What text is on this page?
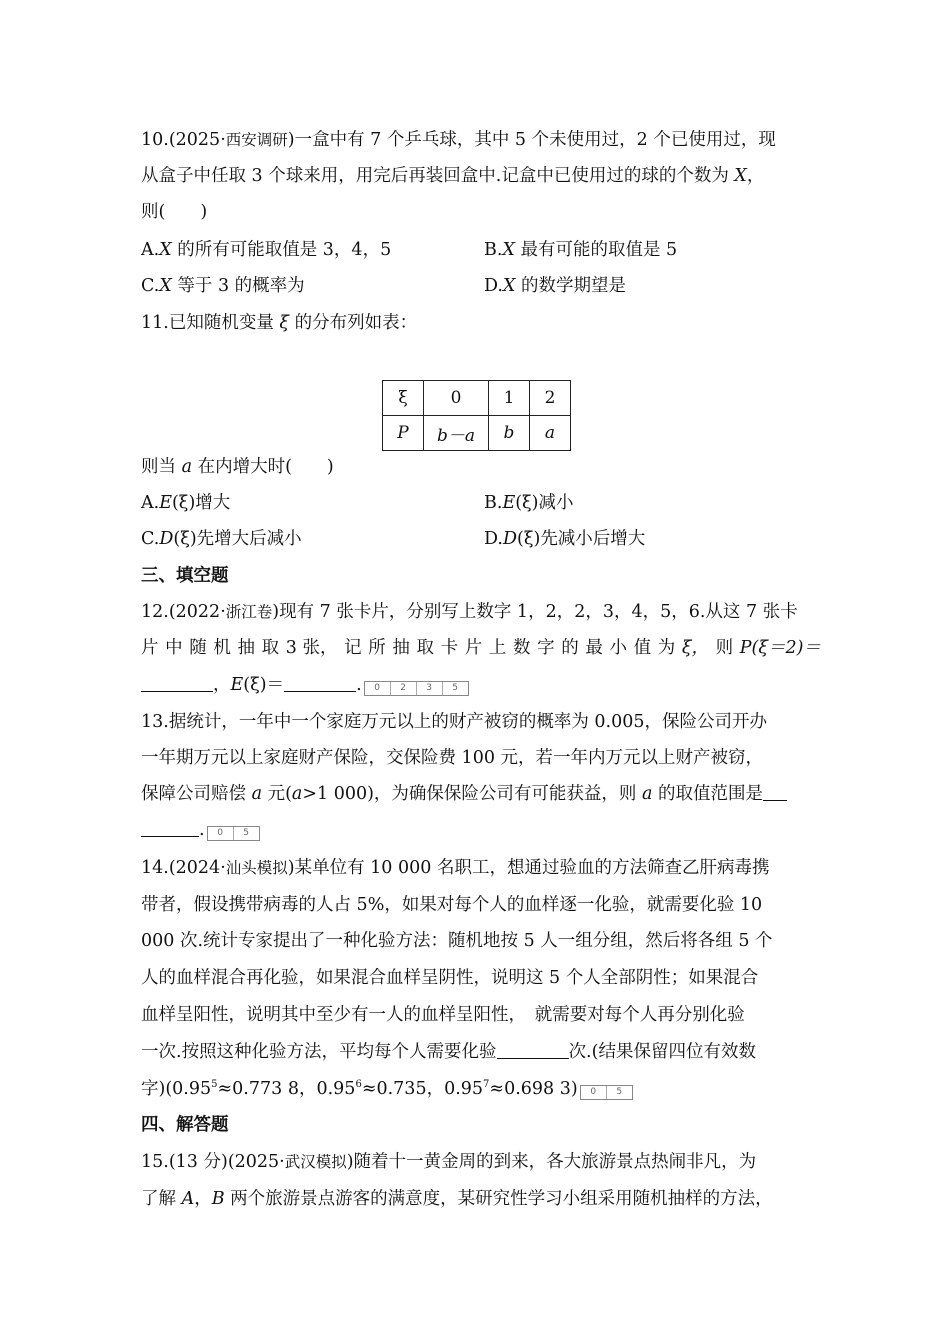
10.(2025·西安调研)一盒中有 7 个乒乓球，其中 5 个未使用过，2 个已使用过，现
从盒子中任取 3 个球来用，用完后再装回盒中.记盒中已使用过的球的个数为 X，
则(　　)
A.X 的所有可能取值是 3，4，5	B.X 最有可能的取值是 5
C.X 等于 3 的概率为	D.X 的数学期望是
11.已知随机变量 ξ 的分布列如表：
ξ	0	1	2
P	b－a	b	a
则当 a 在内增大时(　　)
A.E(ξ)增大	B.E(ξ)减小
C.D(ξ)先增大后减小	D.D(ξ)先减小后增大
三、填空题
12.(2022·浙江卷)现有 7 张卡片，分别写上数字 1，2，2，3，4，5，6.从这 7 张卡
片 中 随 机 抽 取 3 张， 记 所 抽 取 卡 片 上 数 字 的 最 小 值 为 ξ， 则 P(ξ＝2)＝
，E(ξ)＝	.	0	2	3	5
13.据统计，一年中一个家庭万元以上的财产被窃的概率为 0.005，保险公司开办
一年期万元以上家庭财产保险，交保险费 100 元，若一年内万元以上财产被窃，
保障公司赔偿 a 元(a>1 000)，为确保保险公司有可能获益，则 a 的取值范围是
.	0	5
14.(2024·汕头模拟)某单位有 10 000 名职工，想通过验血的方法筛查乙肝病毒携
带者，假设携带病毒的人占 5%，如果对每个人的血样逐一化验，就需要化验 10
000 次.统计专家提出了一种化验方法：随机地按 5 人一组分组，然后将各组 5 个
人的血样混合再化验，如果混合血样呈阴性，说明这 5 个人全部阴性；如果混合
血样呈阳性，说明其中至少有一人的血样呈阳性，　就需要对每个人再分别化验
一次.按照这种化验方法，平均每个人需要化验	次.(结果保留四位有效数
字)($0.95^5\approx 0.773$ 8，$0.95^6\approx 0.735$，$0.95^7\approx 0.698$ 3)	0	5
四、解答题
15.(13 分)(2025·武汉模拟)随着十一黄金周的到来，各大旅游景点热闹非凡，为
了解 A，B 两个旅游景点游客的满意度，某研究性学习小组采用随机抽样的方法，
